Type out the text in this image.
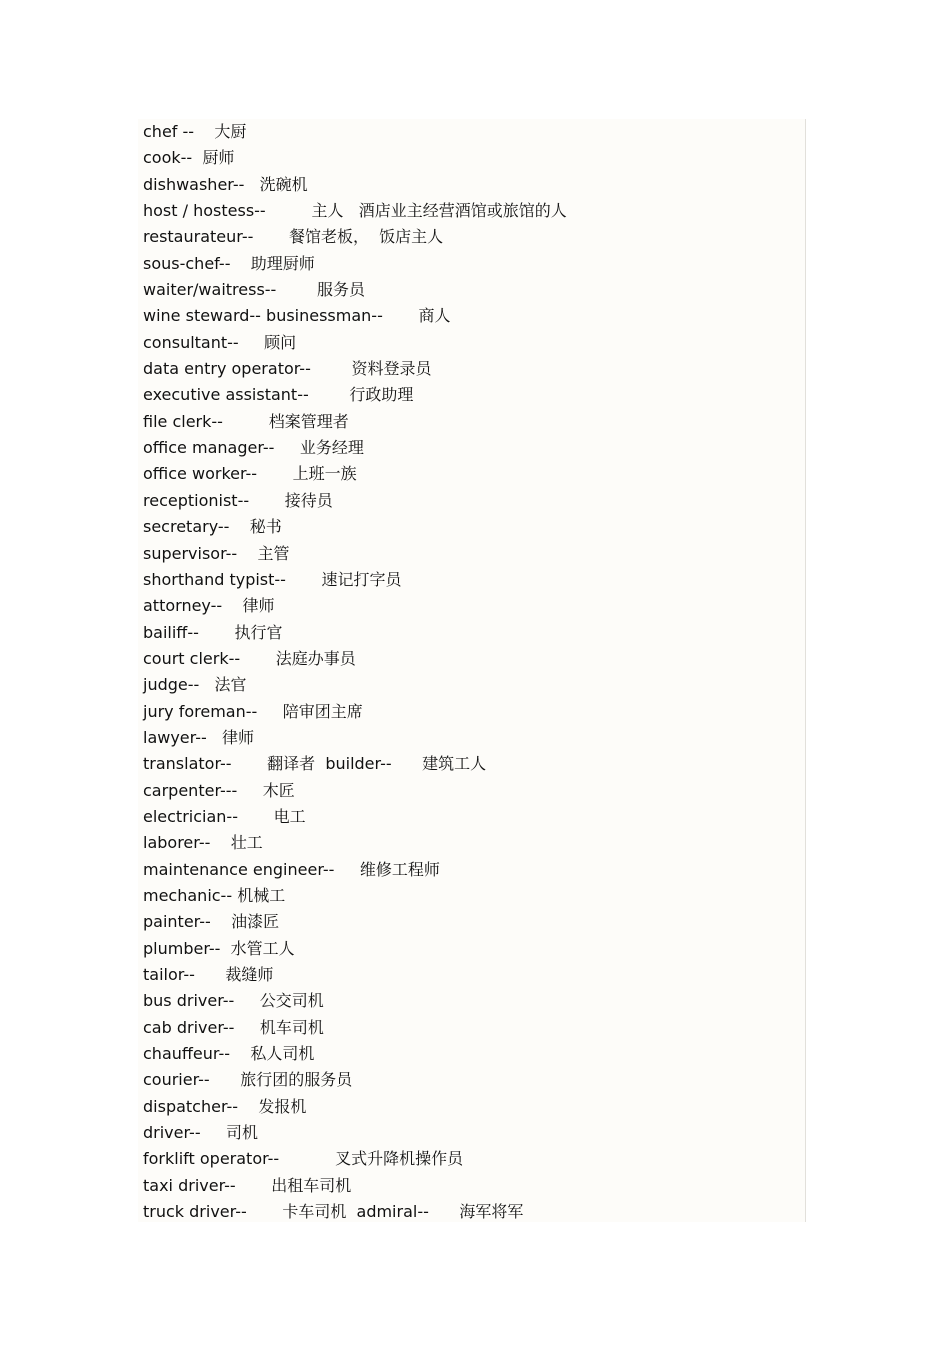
chef --    大厨
cook--  厨师
dishwasher--   洗碗机
host / hostess--         主人   酒店业主经营酒馆或旅馆的人
restaurateur--       餐馆老板，  饭店主人
sous-chef--    助理厨师
waiter/waitress--        服务员
wine steward-- businessman--       商人
consultant--     顾问
data entry operator--        资料登录员
executive assistant--        行政助理
file clerk--         档案管理者
office manager--     业务经理
office worker--       上班一族
receptionist--       接待员
secretary--    秘书
supervisor--    主管
shorthand typist--       速记打字员
attorney--    律师
bailiff--       执行官
court clerk--       法庭办事员
judge--   法官
jury foreman--     陪审团主席
lawyer--   律师
translator--       翻译者  builder--      建筑工人
carpenter---     木匠
electrician--       电工
laborer--    壮工
maintenance engineer--     维修工程师
mechanic-- 机械工
painter--    油漆匠
plumber--  水管工人
tailor--      裁缝师
bus driver--     公交司机
cab driver--     机车司机
chauffeur--    私人司机
courier--      旅行团的服务员
dispatcher--    发报机
driver--     司机
forklift operator--           叉式升降机操作员
taxi driver--       出租车司机
truck driver--       卡车司机  admiral--      海军将军
